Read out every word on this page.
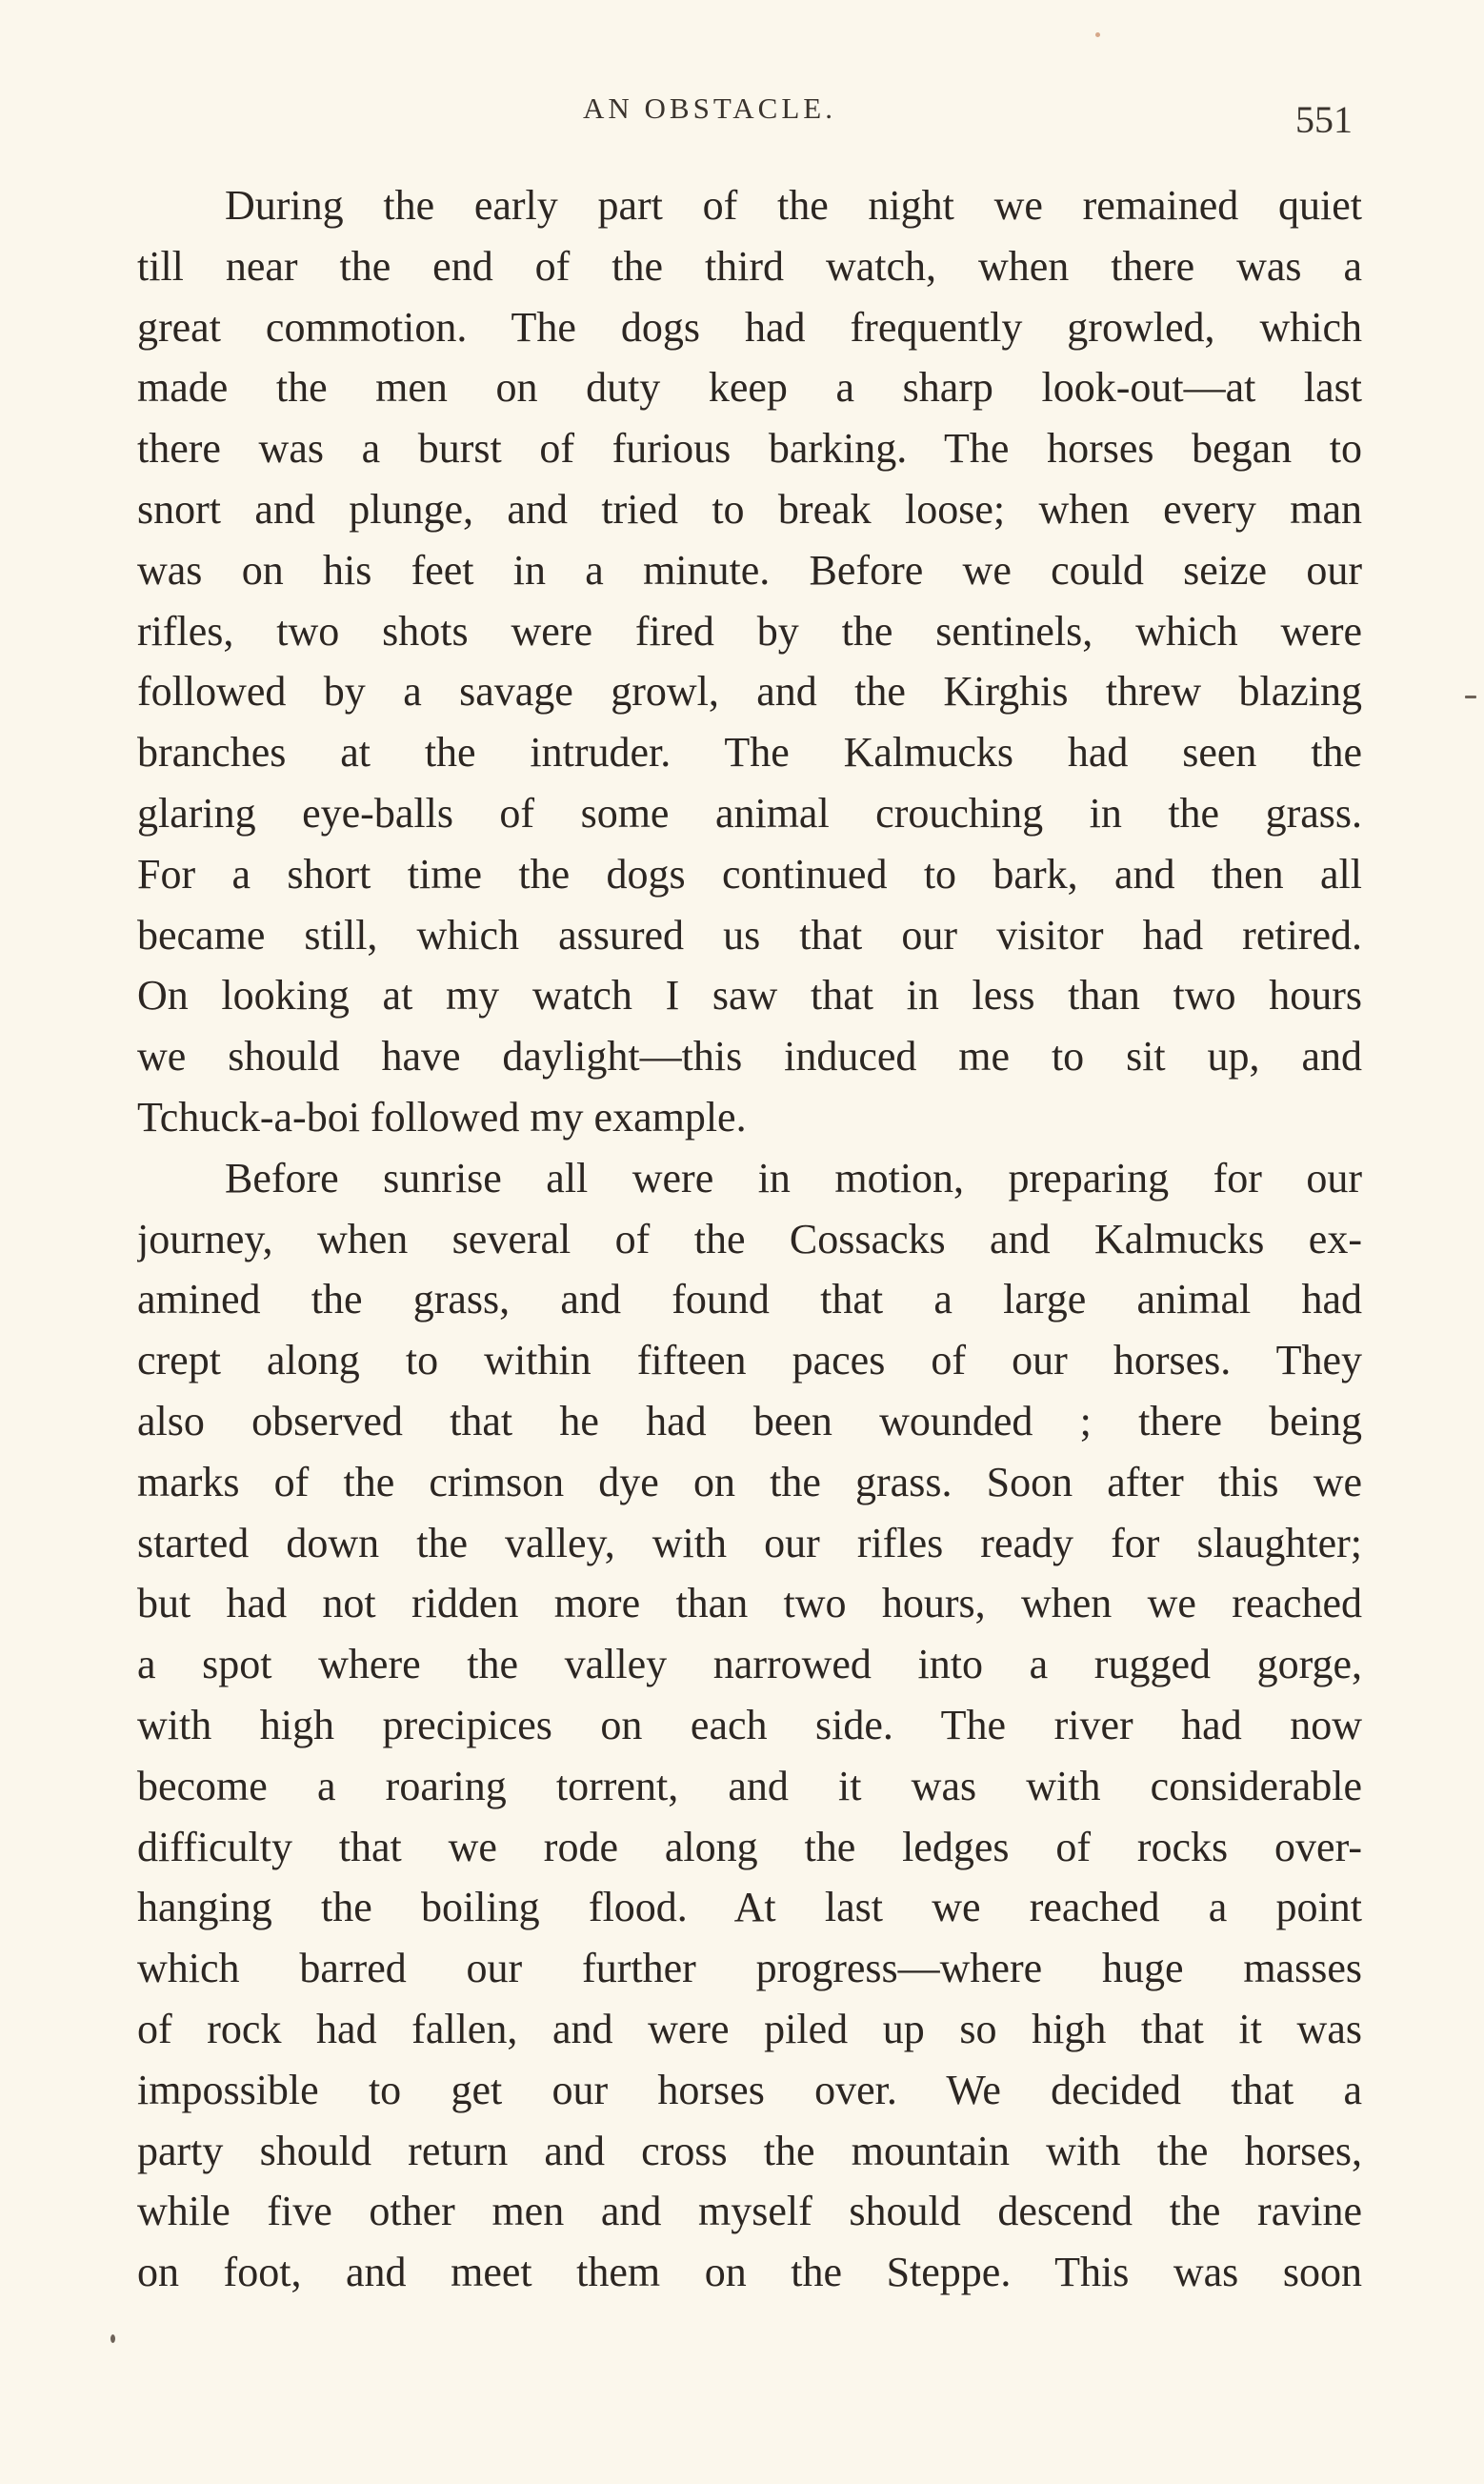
AN OBSTACLE.	551
During the early part of the night we remained quiet
till near the end of the third watch, when there was a
great commotion. The dogs had frequently growled, which
made the men on duty keep a sharp look-out—at last
there was a burst of furious barking. The horses began to
snort and plunge, and tried to break loose; when every man
was on his feet in a minute. Before we could seize our
rifles, two shots were fired by the sentinels, which were
followed by a savage growl, and the Kirghis threw blazing
branches at the intruder. The Kalmucks had seen the
glaring eye-balls of some animal crouching in the grass.
For a short time the dogs continued to bark, and then all
became still, which assured us that our visitor had retired.
On looking at my watch I saw that in less than two hours
we should have daylight—this induced me to sit up, and
Tchuck-a-boi followed my example.
Before sunrise all were in motion, preparing for our
journey, when several of the Cossacks and Kalmucks ex-
amined the grass, and found that a large animal had
crept along to within fifteen paces of our horses. They
also observed that he had been wounded ; there being
marks of the crimson dye on the grass. Soon after this we
started down the valley, with our rifles ready for slaughter;
but had not ridden more than two hours, when we reached
a spot where the valley narrowed into a rugged gorge,
with high precipices on each side. The river had now
become a roaring torrent, and it was with considerable
difficulty that we rode along the ledges of rocks over-
hanging the boiling flood. At last we reached a point
which barred our further progress—where huge masses
of rock had fallen, and were piled up so high that it was
impossible to get our horses over. We decided that a
party should return and cross the mountain with the horses,
while five other men and myself should descend the ravine
on foot, and meet them on the Steppe. This was soon
